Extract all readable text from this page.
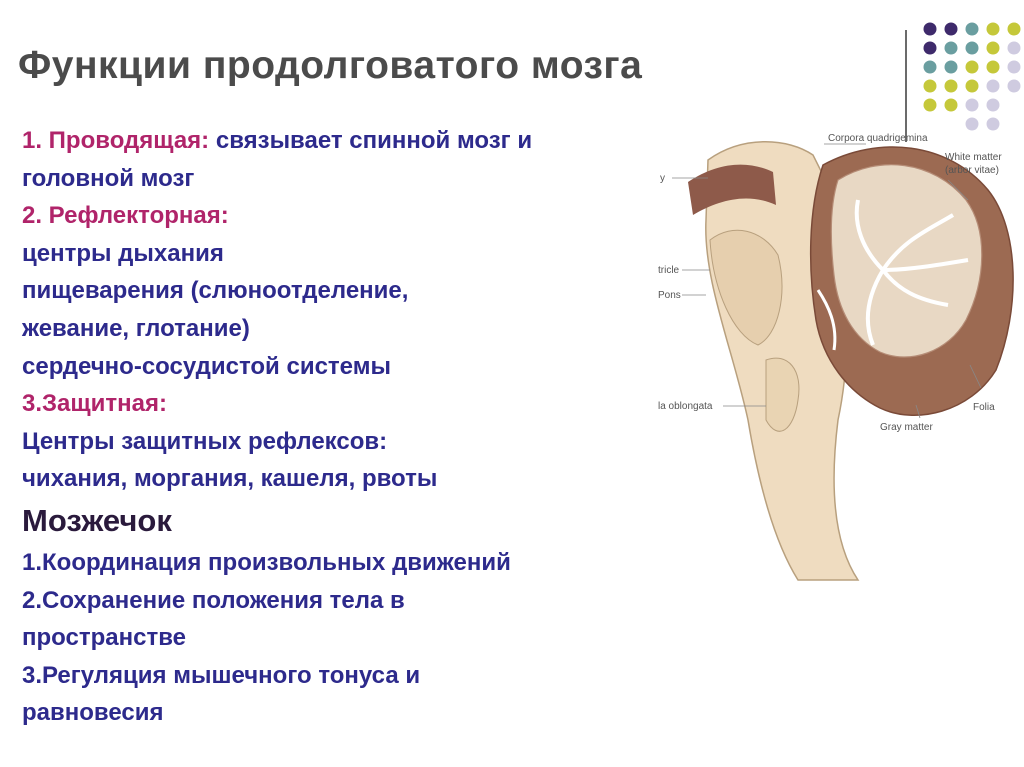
Функции продолговатого мозга
1. Проводящая: связывает спинной мозг и
головной мозг
2. Рефлекторная:
центры дыхания
пищеварения (слюноотделение,
жевание, глотание)
сердечно-сосудистой системы
3.Защитная:
Центры защитных рефлексов:
чихания, моргания, кашеля, рвоты
Мозжечок
1.Координация произвольных движений
2.Сохранение положения тела в
пространстве
3.Регуляция мышечного тонуса и
равновесия
Corpora quadrigemina
White matter
(arbor vitae)
Folia
Gray matter
Pons
la oblongata
tricle
y
